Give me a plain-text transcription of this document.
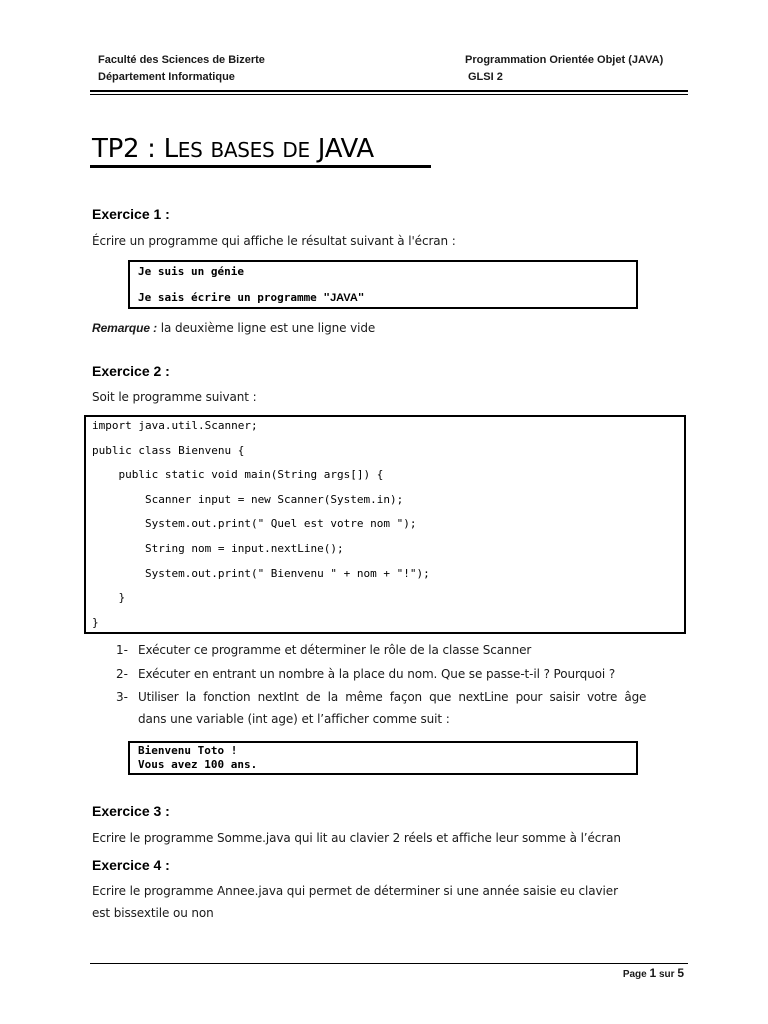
Faculté des Sciences de Bizerte
Département Informatique
Programmation Orientée Objet (JAVA)
GLSI 2
TP2 : LES BASES DE JAVA
Exercice 1 :
Écrire un programme qui affiche le résultat suivant à l'écran :
Je suis un génie
Je sais écrire un programme "JAVA"
Remarque : la deuxième ligne est une ligne vide
Exercice 2 :
Soit le programme suivant :
import java.util.Scanner;
public class Bienvenu {
public static void main(String args[]) {
Scanner input = new Scanner(System.in);
System.out.print(" Quel est votre nom ");
String nom = input.nextLine();
System.out.print(" Bienvenu " + nom + "!");
}
}
1- Exécuter ce programme et déterminer le rôle de la classe Scanner
2- Exécuter en entrant un nombre à la place du nom. Que se passe-t-il ? Pourquoi ?
3- Utiliser  la  fonction  nextInt  de  la  même  façon  que  nextLine  pour  saisir  votre  âge
dans une variable (int age) et l’afficher comme suit :
Bienvenu Toto !
Vous avez 100 ans.
Exercice 3 :
Ecrire le programme Somme.java qui lit au clavier 2 réels et affiche leur somme à l’écran
Exercice 4 :
Ecrire le programme Annee.java qui permet de déterminer si une année saisie eu clavier
est bissextile ou non
Page 1 sur 5
